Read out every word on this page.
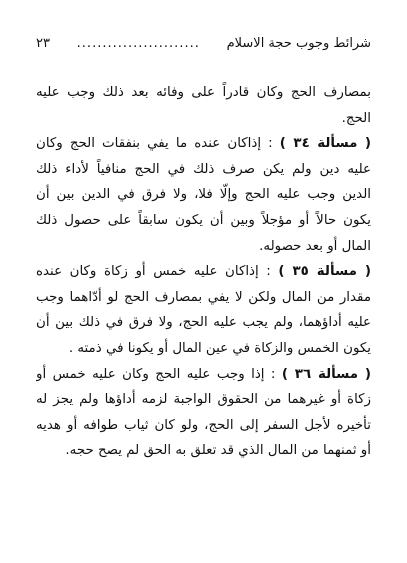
شرائط وجوب حجة الاسلام
........................
٢٣
بمصارف الحج وكان قادراً على وفائه بعد ذلك وجب عليه
الحج.
( مسألة ٣٤ ) : إذاكان عنده ما يفي بنفقات الحج وكان
عليه دين ولم يكن صرف ذلك في الحج منافياً لأداء ذلك
الدين وجب عليه الحج وإلّا فلا، ولا فرق في الدين بين أن
يكون حالاً أو مؤجلاً وبين أن يكون سابقاً على حصول ذلك
المال أو بعد حصوله.
( مسألة ٣٥ ) : إذاكان عليه خمس أو زكاة وكان عنده
مقدار من المال ولكن لا يفي بمصارف الحج لو أدّاهما وجب
عليه أداؤهما، ولم يجب عليه الحج، ولا فرق في ذلك بين أن
يكون الخمس والزكاة في عين المال أو يكونا في ذمته .
( مسألة ٣٦ ) : إذا وجب عليه الحج وكان عليه خمس أو
زكاة أو غيرهما من الحقوق الواجبة لزمه أداؤها ولم يجز له
تأخيره لأجل السفر إلى الحج، ولو كان ثياب طوافه أو هديه
أو ثمنهما من المال الذي قد تعلق به الحق لم يصح حجه.
